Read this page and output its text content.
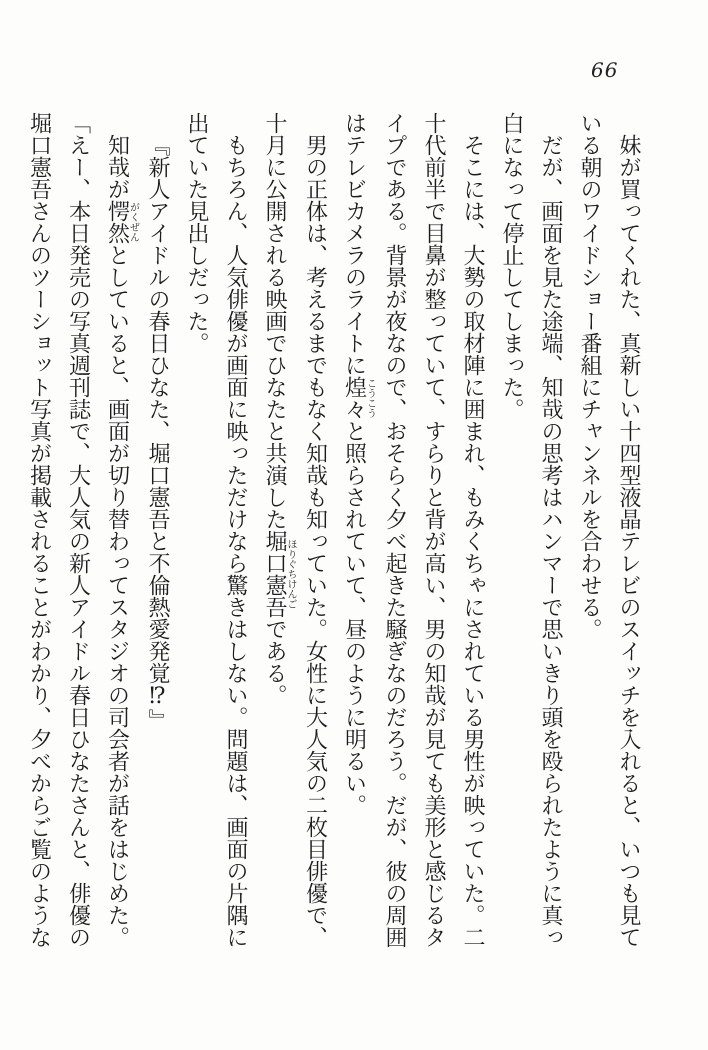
66

妹が買ってくれた、真新しい十四型液晶テレビのスイッチを入れると、いつも見て

いる朝のワイドショー番組にチャンネルを合わせる。

だが、画面を見た途端、知哉の思考はハンマーで思いきり頭を殴られたように真っ

白になって停止してしまった。

そこには、大勢の取材陣に囲まれ、もみくちゃにされている男性が映っていた。二

十代前半で目鼻が整っていて、すらりと背が高い、男の知哉が見ても美形と感じるタ

イプである。背景が夜なので、おそらく夕べ起きた騒ぎなのだろう。だが、彼の周囲

はテレビカメラのライトに煌々こうこうと照らされていて、昼のように明るい。

男の正体は、考えるまでもなく知哉も知っていた。女性に大人気の二枚目俳優で、

十月に公開される映画でひなたと共演した堀口憲吾ほりぐちけんごである。

もちろん、人気俳優が画面に映っただけなら驚きはしない。問題は、画面の片隅に

出ていた見出しだった。

『新人アイドルの春日ひなた、堀口憲吾と不倫熱愛発覚⁉』

知哉が愕然がくぜんとしていると、画面が切り替わってスタジオの司会者が話をはじめた。

「えー、本日発売の写真週刊誌で、大人気の新人アイドル春日ひなたさんと、俳優の

堀口憲吾さんのツーショット写真が掲載されることがわかり、夕べからご覧のような
